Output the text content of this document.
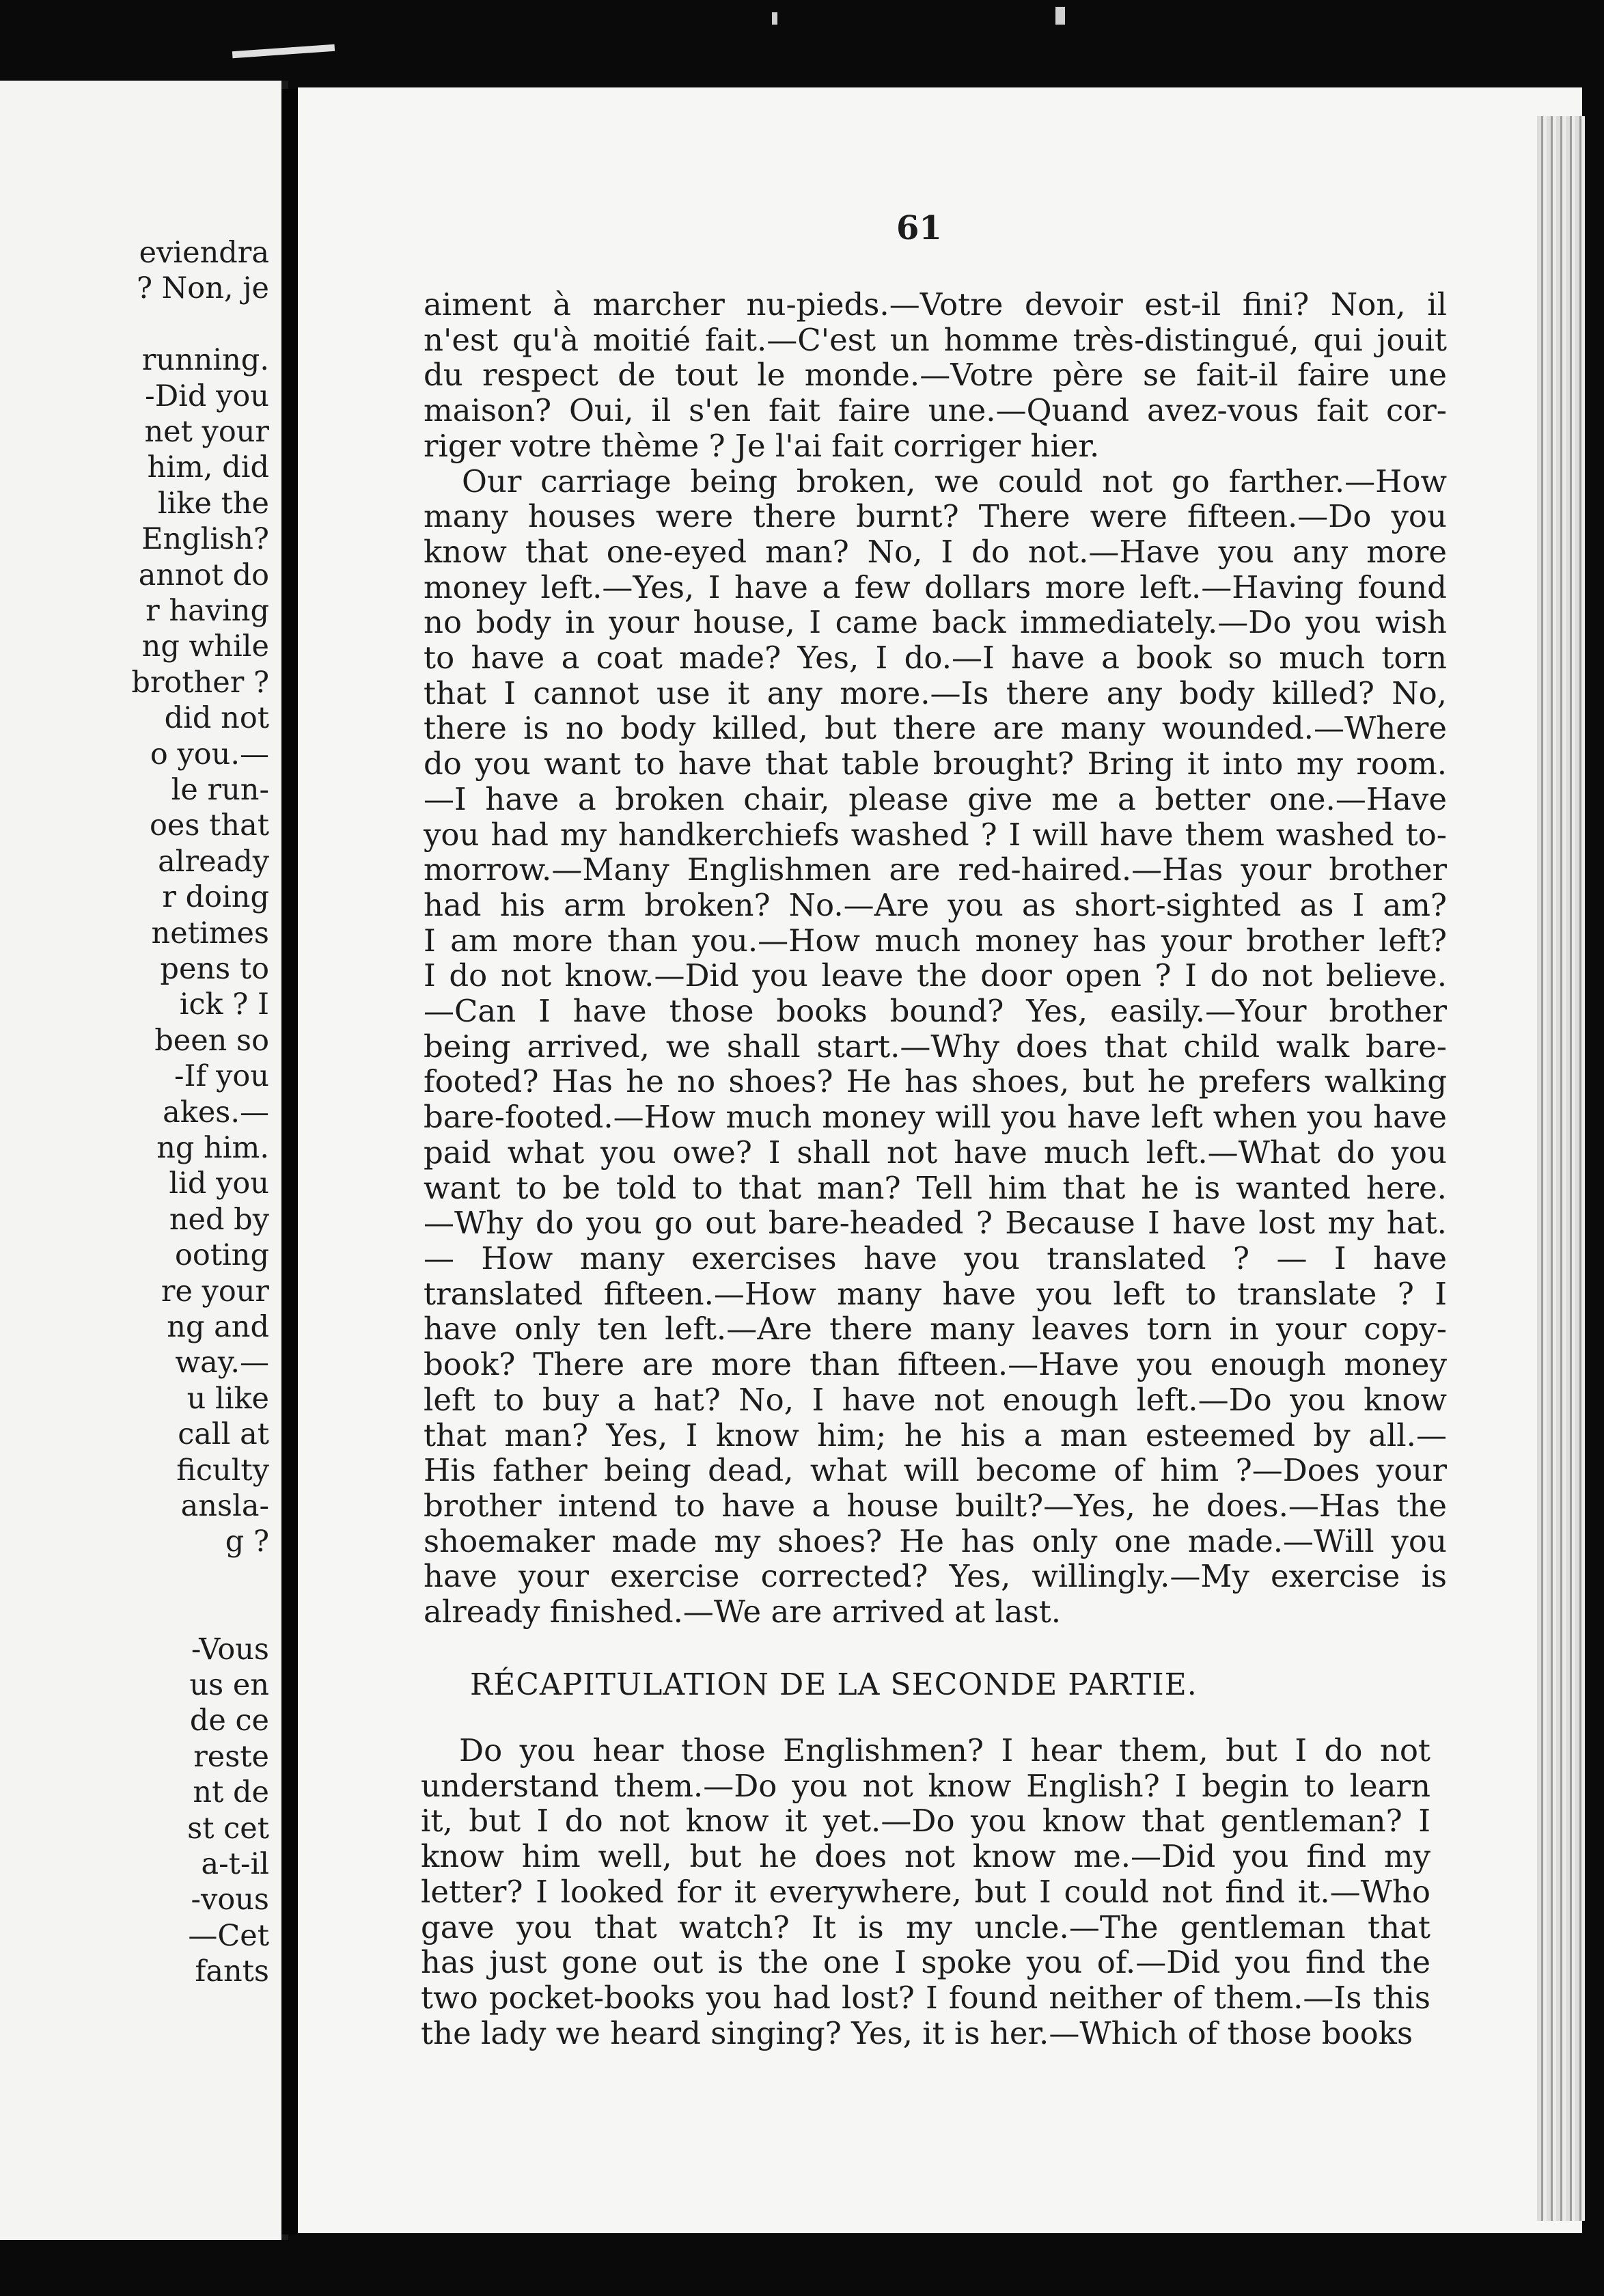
eviendra
? Non, je
running.
-Did you
net your
him, did
like the
English?
annot do
r having
ng while
brother ?
did not
o you.—
le run-
oes that
already
r doing
netimes
pens to
ick ? I
been so
-If you
akes.—
ng him.
lid you
ned by
ooting
re your
ng and
way.—
u like
call at
ficulty
ansla-
g ?
-Vous
us en
de ce
reste
nt de
st cet
a-t-il
-vous
—Cet
fants
61
aiment à marcher nu-pieds.—Votre devoir est-il fini? Non, il
n'est qu'à moitié fait.—C'est un homme très-distingué, qui jouit
du respect de tout le monde.—Votre père se fait-il faire une
maison? Oui, il s'en fait faire une.—Quand avez-vous fait cor-
riger votre thème ? Je l'ai fait corriger hier.
Our carriage being broken, we could not go farther.—How
many houses were there burnt? There were fifteen.—Do you
know that one-eyed man? No, I do not.—Have you any more
money left.—Yes, I have a few dollars more left.—Having found
no body in your house, I came back immediately.—Do you wish
to have a coat made? Yes, I do.—I have a book so much torn
that I cannot use it any more.—Is there any body killed? No,
there is no body killed, but there are many wounded.—Where
do you want to have that table brought? Bring it into my room.
—I have a broken chair, please give me a better one.—Have
you had my handkerchiefs washed ? I will have them washed to-
morrow.—Many Englishmen are red-haired.—Has your brother
had his arm broken? No.—Are you as short-sighted as I am?
I am more than you.—How much money has your brother left?
I do not know.—Did you leave the door open ? I do not believe.
—Can I have those books bound? Yes, easily.—Your brother
being arrived, we shall start.—Why does that child walk bare-
footed? Has he no shoes? He has shoes, but he prefers walking
bare-footed.—How much money will you have left when you have
paid what you owe? I shall not have much left.—What do you
want to be told to that man? Tell him that he is wanted here.
—Why do you go out bare-headed ? Because I have lost my hat.
— How many exercises have you translated ? — I have
translated fifteen.—How many have you left to translate ? I
have only ten left.—Are there many leaves torn in your copy-
book? There are more than fifteen.—Have you enough money
left to buy a hat? No, I have not enough left.—Do you know
that man? Yes, I know him; he his a man esteemed by all.—
His father being dead, what will become of him ?—Does your
brother intend to have a house built?—Yes, he does.—Has the
shoemaker made my shoes? He has only one made.—Will you
have your exercise corrected? Yes, willingly.—My exercise is
already finished.—We are arrived at last.
RÉCAPITULATION DE LA SECONDE PARTIE.
Do you hear those Englishmen? I hear them, but I do not
understand them.—Do you not know English? I begin to learn
it, but I do not know it yet.—Do you know that gentleman? I
know him well, but he does not know me.—Did you find my
letter? I looked for it everywhere, but I could not find it.—Who
gave you that watch? It is my uncle.—The gentleman that
has just gone out is the one I spoke you of.—Did you find the
two pocket-books you had lost? I found neither of them.—Is this
the lady we heard singing? Yes, it is her.—Which of those books
